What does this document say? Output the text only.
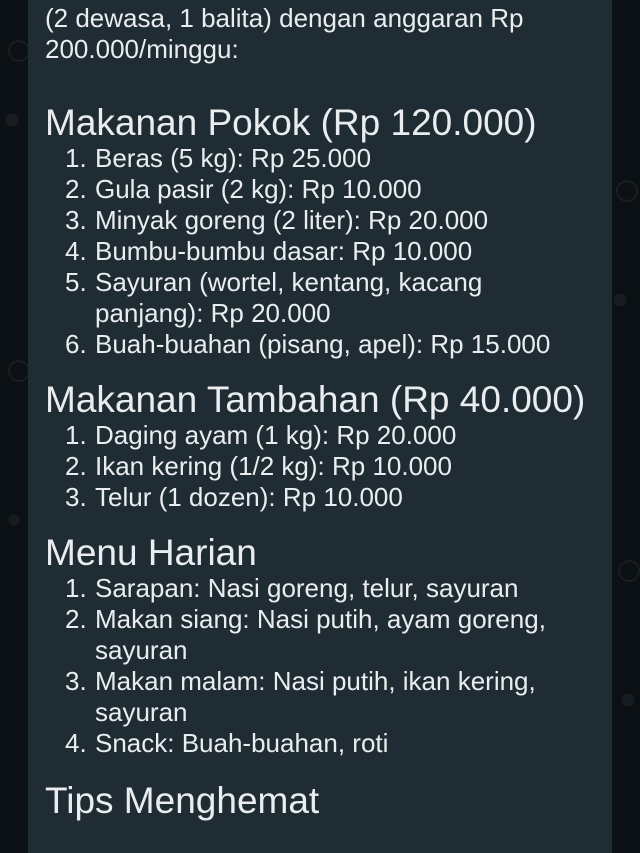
(2 dewasa, 1 balita) dengan anggaran Rp
200.000/minggu:

Makanan Pokok (Rp 120.000)
1. Beras (5 kg): Rp 25.000
2. Gula pasir (2 kg): Rp 10.000
3. Minyak goreng (2 liter): Rp 20.000
4. Bumbu-bumbu dasar: Rp 10.000
5. Sayuran (wortel, kentang, kacang panjang): Rp 20.000
6. Buah-buahan (pisang, apel): Rp 15.000
Makanan Tambahan (Rp 40.000)
1. Daging ayam (1 kg): Rp 20.000
2. Ikan kering (1/2 kg): Rp 10.000
3. Telur (1 dozen): Rp 10.000
Menu Harian
1. Sarapan: Nasi goreng, telur, sayuran
2. Makan siang: Nasi putih, ayam goreng, sayuran
3. Makan malam: Nasi putih, ikan kering, sayuran
4. Snack: Buah-buahan, roti
Tips Menghemat
